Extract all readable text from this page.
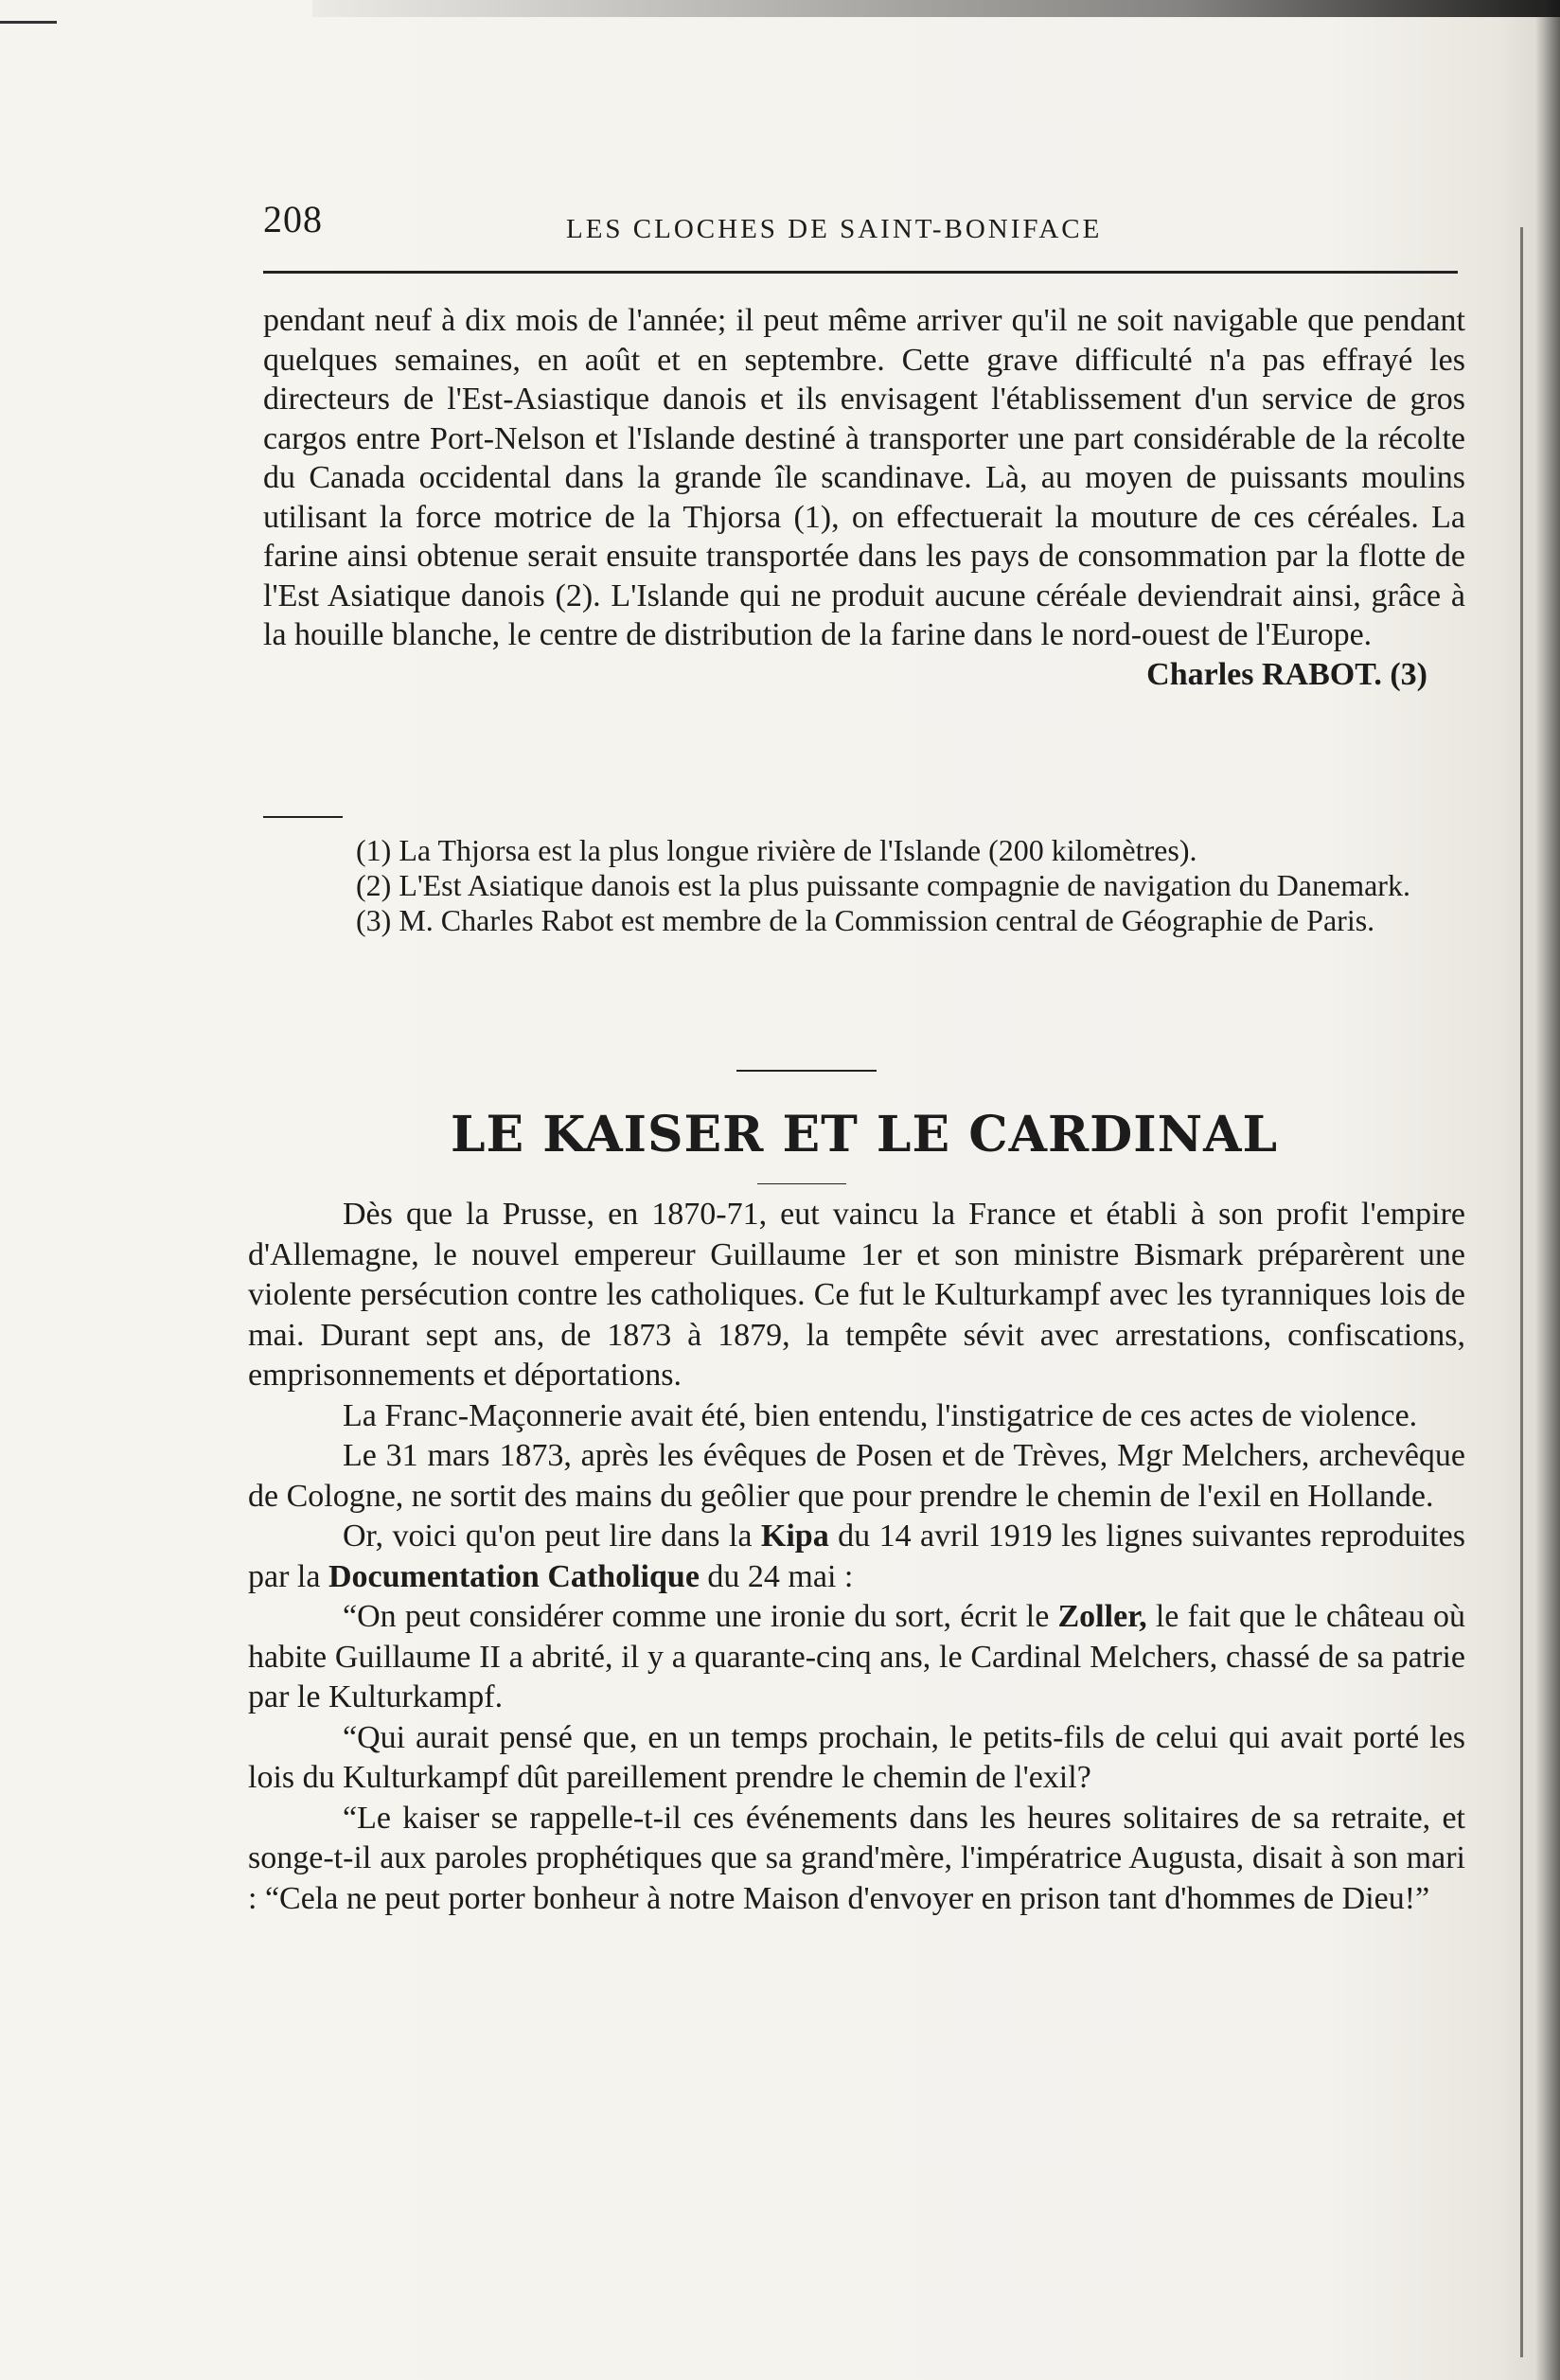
208	LES CLOCHES DE SAINT-BONIFACE
pendant neuf à dix mois de l'année; il peut même arriver qu'il ne soit navigable que pendant quelques semaines, en août et en septembre. Cette grave difficulté n'a pas effrayé les directeurs de l'Est-Asiastique danois et ils envisagent l'établissement d'un service de gros cargos entre Port-Nelson et l'Islande destiné à transporter une part considérable de la récolte du Canada occidental dans la grande île scandinave. Là, au moyen de puissants moulins utilisant la force motrice de la Thjorsa (1), on effectuerait la mouture de ces céréales. La farine ainsi obtenue serait ensuite transportée dans les pays de consommation par la flotte de l'Est Asiatique danois (2). L'Islande qui ne produit aucune céréale deviendrait ainsi, grâce à la houille blanche, le centre de distribution de la farine dans le nord-ouest de l'Europe.
Charles RABOT. (3)

(1) La Thjorsa est la plus longue rivière de l'Islande (200 kilomètres).

(2) L'Est Asiatique danois est la plus puissante compagnie de navigation du Danemark.

(3) M. Charles Rabot est membre de la Commission central de Géographie de Paris.

LE KAISER ET LE CARDINAL

Dès que la Prusse, en 1870-71, eut vaincu la France et établi à son profit l'empire d'Allemagne, le nouvel empereur Guillaume 1er et son ministre Bismark préparèrent une violente persécution contre les catholiques. Ce fut le Kulturkampf avec les tyranniques lois de mai. Durant sept ans, de 1873 à 1879, la tempête sévit avec arrestations, confiscations, emprisonnements et déportations.

La Franc-Maçonnerie avait été, bien entendu, l'instigatrice de ces actes de violence.

Le 31 mars 1873, après les évêques de Posen et de Trèves, Mgr Melchers, archevêque de Cologne, ne sortit des mains du geôlier que pour prendre le chemin de l'exil en Hollande.

Or, voici qu'on peut lire dans la Kipa du 14 avril 1919 les lignes suivantes reproduites par la Documentation Catholique du 24 mai :

“On peut considérer comme une ironie du sort, écrit le Zoller, le fait que le château où habite Guillaume II a abrité, il y a quarante-cinq ans, le Cardinal Melchers, chassé de sa patrie par le Kulturkampf.

“Qui aurait pensé que, en un temps prochain, le petits-fils de celui qui avait porté les lois du Kulturkampf dût pareillement prendre le chemin de l'exil?

“Le kaiser se rappelle-t-il ces événements dans les heures solitaires de sa retraite, et songe-t-il aux paroles prophétiques que sa grand'mère, l'impératrice Augusta, disait à son mari : “Cela ne peut porter bonheur à notre Maison d'envoyer en prison tant d'hommes de Dieu!”
